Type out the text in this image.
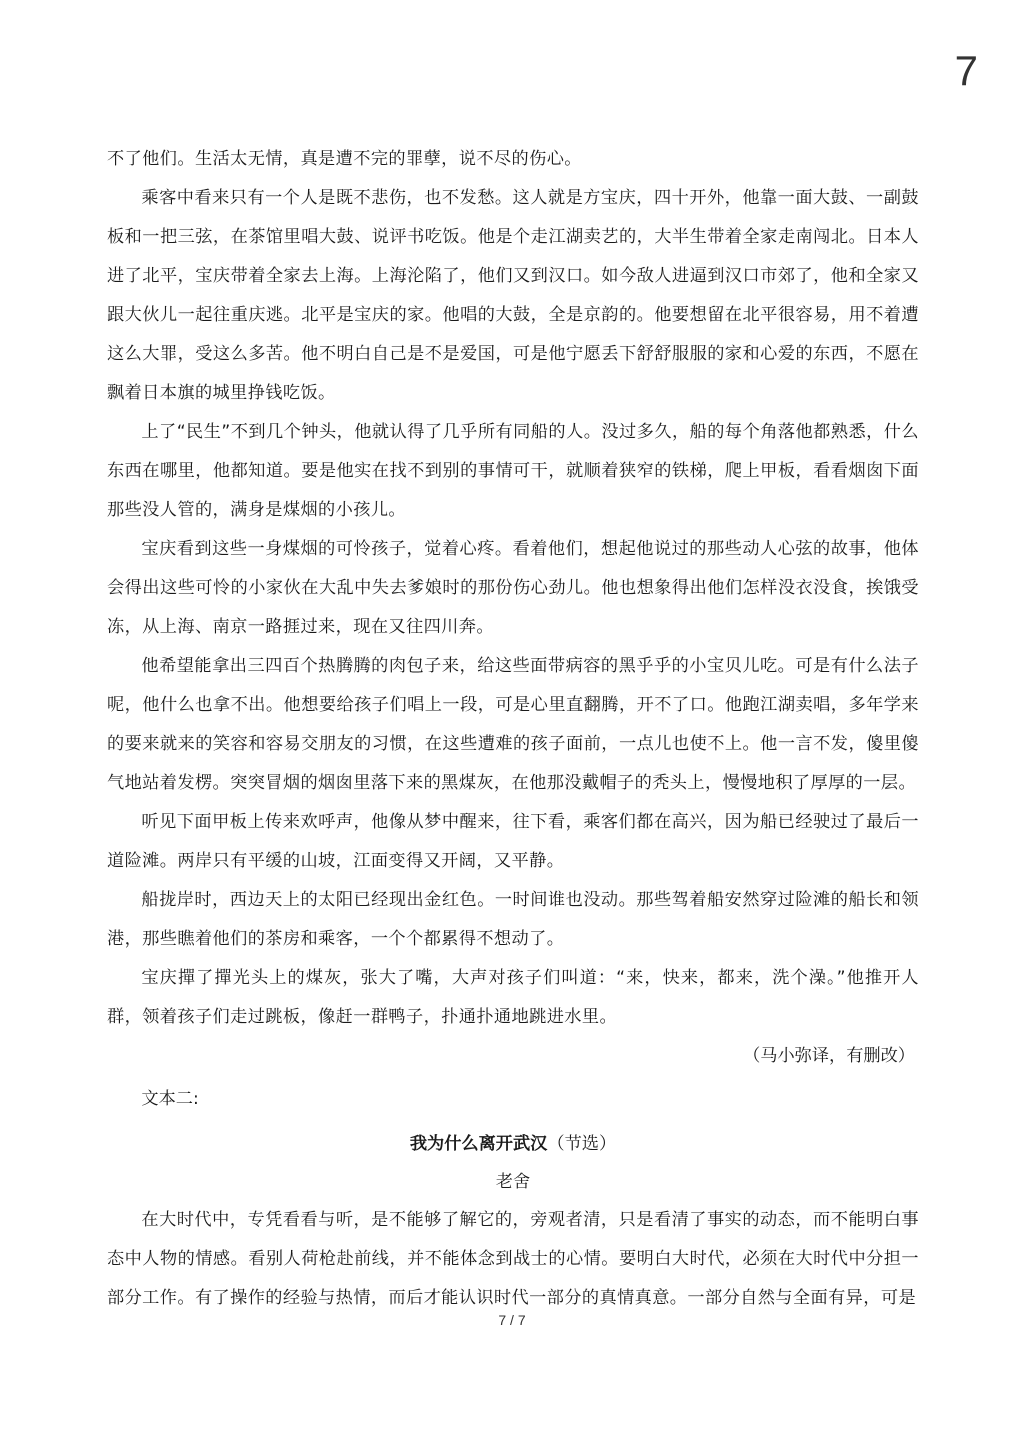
7

不了他们。生活太无情，真是遭不完的罪孽，说不尽的伤心。

乘客中看来只有一个人是既不悲伤，也不发愁。这人就是方宝庆，四十开外，他靠一面大鼓、一副鼓板和一把三弦，在茶馆里唱大鼓、说评书吃饭。他是个走江湖卖艺的，大半生带着全家走南闯北。日本人进了北平，宝庆带着全家去上海。上海沦陷了，他们又到汉口。如今敌人进逼到汉口市郊了，他和全家又跟大伙儿一起往重庆逃。北平是宝庆的家。他唱的大鼓，全是京韵的。他要想留在北平很容易，用不着遭这么大罪，受这么多苦。他不明白自己是不是爱国，可是他宁愿丢下舒舒服服的家和心爱的东西，不愿在飘着日本旗的城里挣钱吃饭。

上了“民生”不到几个钟头，他就认得了几乎所有同船的人。没过多久，船的每个角落他都熟悉，什么东西在哪里，他都知道。要是他实在找不到别的事情可干，就顺着狭窄的铁梯，爬上甲板，看看烟囱下面那些没人管的，满身是煤烟的小孩儿。

宝庆看到这些一身煤烟的可怜孩子，觉着心疼。看着他们，想起他说过的那些动人心弦的故事，他体会得出这些可怜的小家伙在大乱中失去爹娘时的那份伤心劲儿。他也想象得出他们怎样没衣没食，挨饿受冻，从上海、南京一路捱过来，现在又往四川奔。

他希望能拿出三四百个热腾腾的肉包子来，给这些面带病容的黑乎乎的小宝贝儿吃。可是有什么法子呢，他什么也拿不出。他想要给孩子们唱上一段，可是心里直翻腾，开不了口。他跑江湖卖唱，多年学来的要来就来的笑容和容易交朋友的习惯，在这些遭难的孩子面前，一点儿也使不上。他一言不发，傻里傻气地站着发楞。突突冒烟的烟囱里落下来的黑煤灰，在他那没戴帽子的秃头上，慢慢地积了厚厚的一层。

听见下面甲板上传来欢呼声，他像从梦中醒来，往下看，乘客们都在高兴，因为船已经驶过了最后一道险滩。两岸只有平缓的山坡，江面变得又开阔，又平静。

船拢岸时，西边天上的太阳已经现出金红色。一时间谁也没动。那些驾着船安然穿过险滩的船长和领港，那些瞧着他们的茶房和乘客，一个个都累得不想动了。

宝庆撣了撣光头上的煤灰，张大了嘴，大声对孩子们叫道：“来，快来，都来，洗个澡。”他推开人群，领着孩子们走过跳板，像赶一群鸭子，扑通扑通地跳进水里。

（马小弥译，有删改）

文本二:

我为什么离开武汉（节选）

老舍

在大时代中，专凭看看与听，是不能够了解它的，旁观者清，只是看清了事实的动态，而不能明白事态中人物的情感。看别人荷枪赴前线，并不能体念到战士的心情。要明白大时代，必须在大时代中分担一部分工作。有了操作的经验与热情，而后才能认识时代一部分的真情真意。一部分自然与全面有异，可是

7 / 7
